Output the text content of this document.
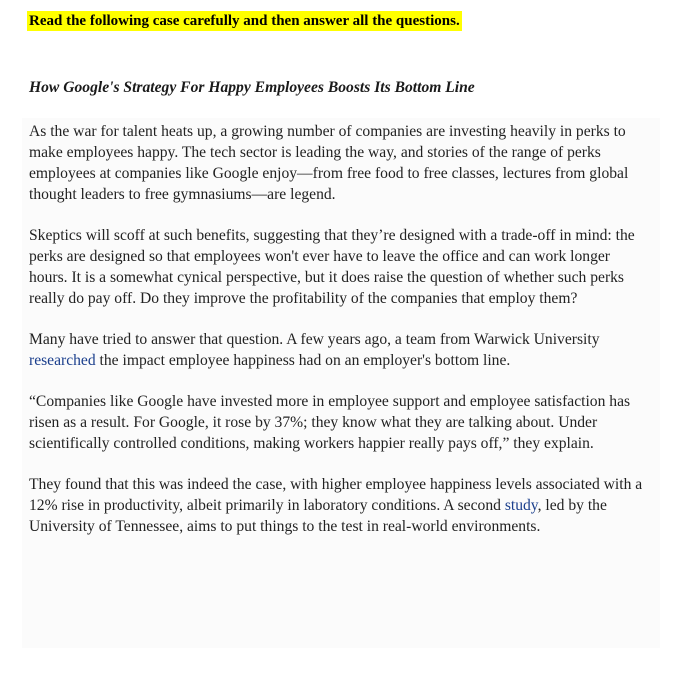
Read the following case carefully and then answer all the questions.
How Google's Strategy For Happy Employees Boosts Its Bottom Line

As the war for talent heats up, a growing number of companies are investing heavily in perks to make employees happy. The tech sector is leading the way, and stories of the range of perks employees at companies like Google enjoy—from free food to free classes, lectures from global thought leaders to free gymnasiums—are legend.

Skeptics will scoff at such benefits, suggesting that they’re designed with a trade-off in mind: the perks are designed so that employees won't ever have to leave the office and can work longer hours. It is a somewhat cynical perspective, but it does raise the question of whether such perks really do pay off. Do they improve the profitability of the companies that employ them?

Many have tried to answer that question. A few years ago, a team from Warwick University researched the impact employee happiness had on an employer's bottom line.

“Companies like Google have invested more in employee support and employee satisfaction has risen as a result. For Google, it rose by 37%; they know what they are talking about. Under scientifically controlled conditions, making workers happier really pays off,” they explain.

They found that this was indeed the case, with higher employee happiness levels associated with a 12% rise in productivity, albeit primarily in laboratory conditions. A second study, led by the University of Tennessee, aims to put things to the test in real-world environments.
